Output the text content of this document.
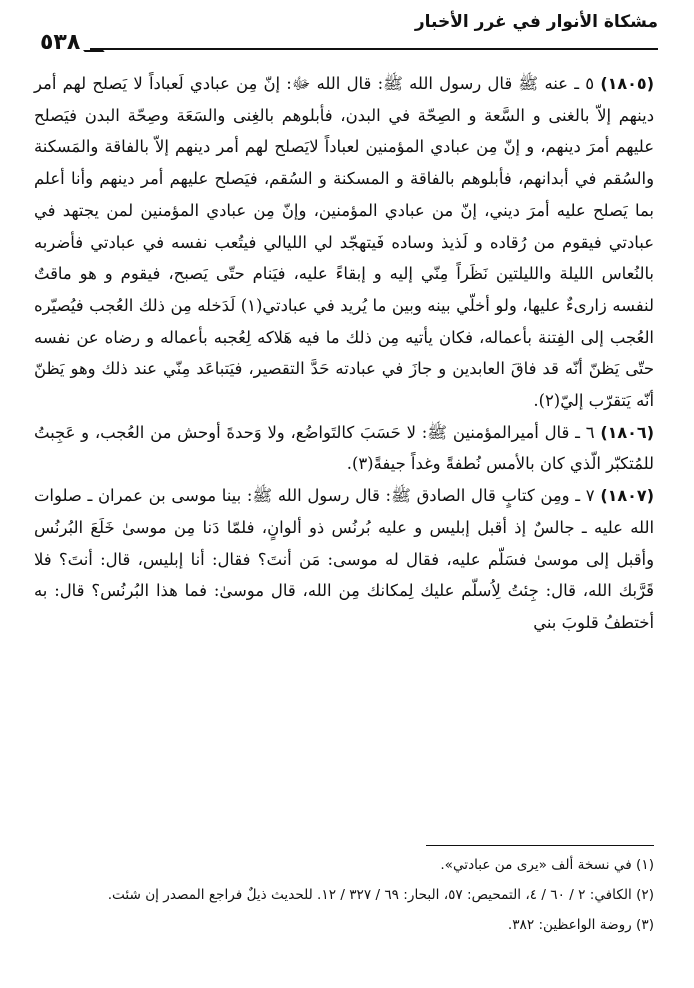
مشكاة الأنوار في غرر الأخبار
٥٣٨

(١٨٠٥) ٥ ـ عنه ﷺ قال رسول الله ﷺ: قال الله ﷻ: إنّ مِن عبادي لَعباداً لا يَصلح لهم أمر دينهم إلاّ بالغنى و السَّعة و الصِحّة في البدن، فأبلوهم بالغِنى والسَعَة وصِحّة البدن فيَصلح عليهم أمرَ دينهم، و إنّ مِن عبادي المؤمنين لعباداً لايَصلح لهم أمر دينهم إلاّ بالفاقة والمَسكنة والسُقم في أبدانهم، فأبلوهم بالفاقة و المسكنة و السُقم، فيَصلح عليهم أمر دينهم وأنا أعلم بما يَصلح عليه أمرَ ديني، إنّ من عبادي المؤمنين، وإنّ مِن عبادي المؤمنين لمن يجتهد في عبادتي فيقوم من رُقاده و لَذيذ وساده فَيتهجّد لي الليالي فيتُعب نفسه في عبادتي فأضربه بالنُعاس الليلة والليلتين نَظَراً مِنّي إليه و إبقاءً عليه، فيَنام حتّى يَصبح، فيقوم و هو ماقتٌ لنفسه زارىءٌ عليها، ولو أخلّي بينه وبين ما يُريد في عبادتي(١) لَدَخله مِن ذلك العُجب فيُصيّره العُجب إلى الفِتنة بأعماله، فكان يأتيه مِن ذلك ما فيه هَلاكه لِعُجبه بأعماله و رضاه عن نفسه حتّى يَظنّ أنّه قد فاقَ العابدين و جازَ في عبادته حَدَّ التقصير، فيَتباعَد مِنّي عند ذلك وهو يَظنّ أنّه يَتقرّب إليّ(٢).

(١٨٠٦) ٦ ـ قال أميرالمؤمنين ﷺ: لا حَسَبَ كالتَواضُع، ولا وَحدةَ أوحش من العُجب، و عَجِبتُ للمُتكبّر الّذي كان بالأمس نُطفةً وغداً جيفةً(٣).

(١٨٠٧) ٧ ـ ومِن كتابٍ قال الصادق ﷺ: قال رسول الله ﷺ: بينا موسى بن عمران ـ صلوات الله عليه ـ جالسٌ إذ أقبل إبليس و عليه بُرنُس ذو ألوانٍ، فلمّا دَنا مِن موسىٰ خَلَعَ البُرنُس وأقبل إلى موسىٰ فسَلّم عليه، فقال له موسى: مَن أنتَ؟ فقال: أنا إبليس، قال: أنتَ؟ فلا قَرَّبك الله، قال: جِئتُ لِاُسلّم عليك لِمكانك مِن الله، قال موسىٰ: فما هذا البُرنُس؟ قال: به أختطفُ قلوبَ بني

(١) في نسخة ألف «يرى من عبادتي».

(٢) الكافي: ٢ / ٦٠ / ٤، التمحيص: ٥٧، البحار: ٦٩ / ٣٢٧ / ١٢. للحديث ذيلٌ فراجع المصدر إن شئت.

(٣) روضة الواعظين: ٣٨٢.
